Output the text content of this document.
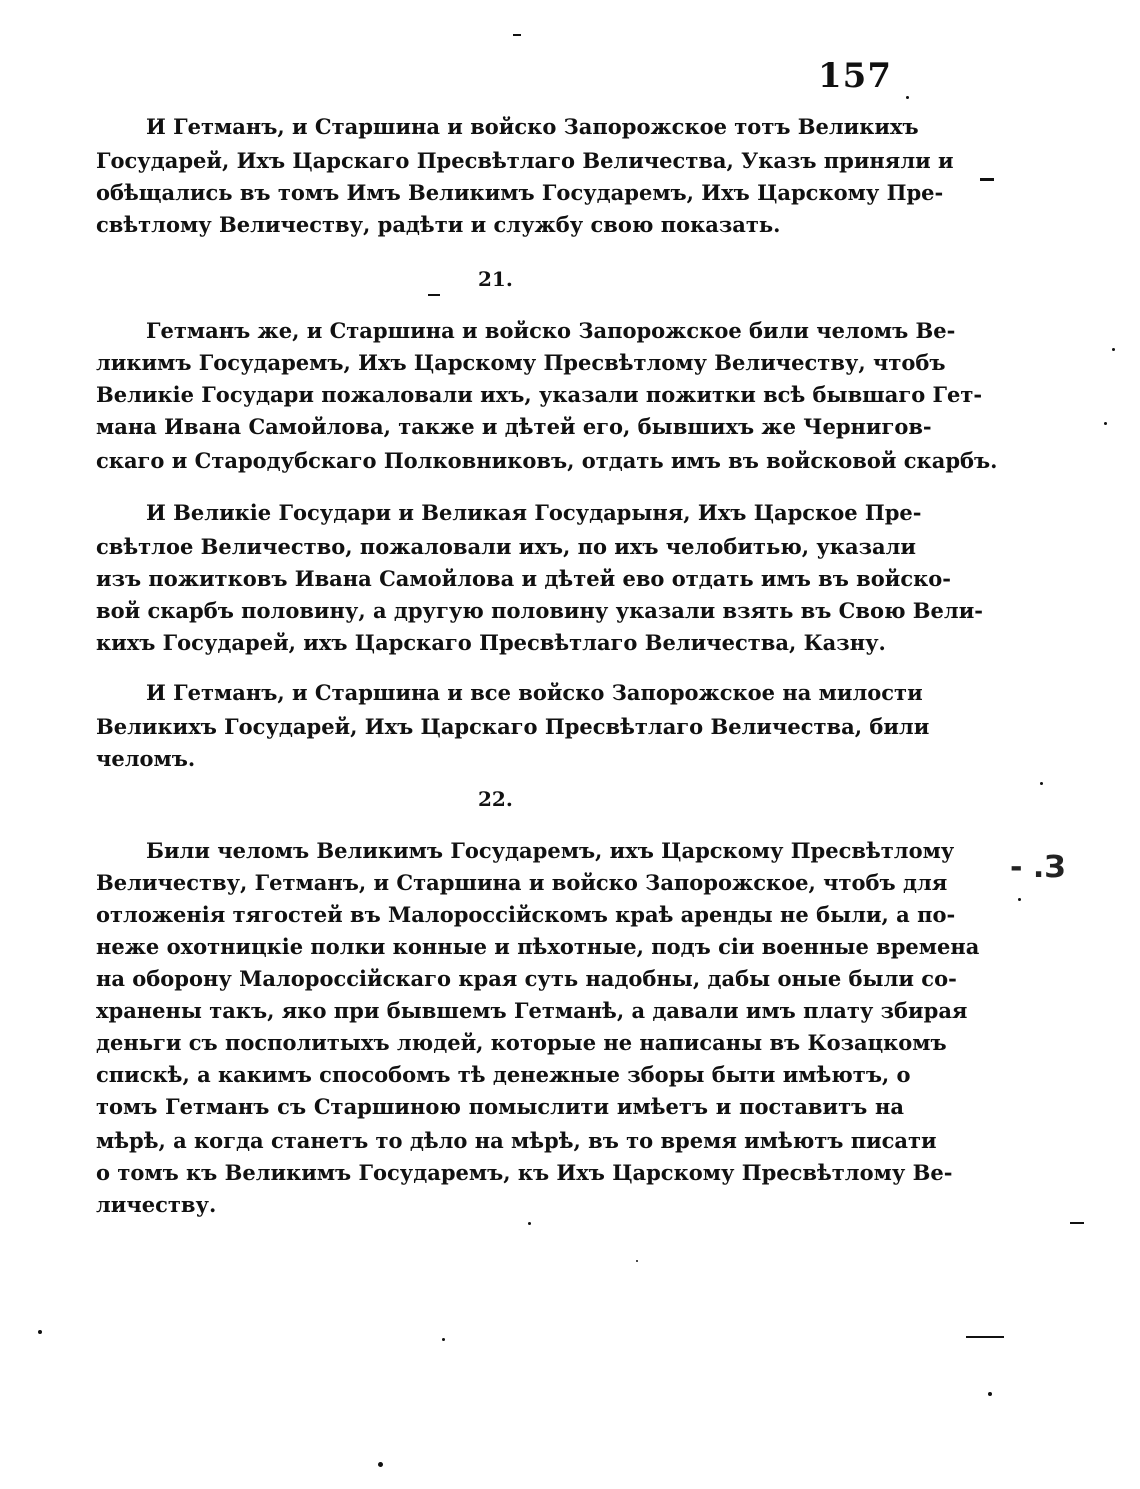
157
И Гетманъ, и Старшина и войско Запорожское тотъ Великихъ
Государей, Ихъ Царскаго Пресвѣтлаго Величества, Указъ приняли и
обѣщались въ томъ Имъ Великимъ Государемъ, Ихъ Царскому Пре-
свѣтлому Величеству, радѣти и службу свою показать.
21.
Гетманъ же, и Старшина и войско Запорожское били челомъ Ве-
ликимъ Государемъ, Ихъ Царскому Пресвѣтлому Величеству, чтобъ
Великіе Государи пожаловали ихъ, указали пожитки всѣ бывшаго Гет-
мана Ивана Самойлова, также и дѣтей его, бывшихъ же Чернигов-
скаго и Стародубскаго Полковниковъ, отдать имъ въ войсковой скарбъ.
И Великіе Государи и Великая Государыня, Ихъ Царское Пре-
свѣтлое Величество, пожаловали ихъ, по ихъ челобитью, указали
изъ пожитковъ Ивана Самойлова и дѣтей ево отдать имъ въ войско-
вой скарбъ половину, а другую половину указали взять въ Свою Вели-
кихъ Государей, ихъ Царскаго Пресвѣтлаго Величества, Казну.
И Гетманъ, и Старшина и все войско Запорожское на милости
Великихъ Государей, Ихъ Царскаго Пресвѣтлаго Величества, били
челомъ.
22.
Били челомъ Великимъ Государемъ, ихъ Царскому Пресвѣтлому
Величеству, Гетманъ, и Старшина и войско Запорожское, чтобъ для
отложенія тягостей въ Малороссійскомъ краѣ аренды не были, а по-
неже охотницкіе полки конные и пѣхотные, подъ сіи военные времена
на оборону Малороссійскаго края суть надобны, дабы оные были со-
хранены такъ, яко при бывшемъ Гетманѣ, а давали имъ плату збирая
деньги съ посполитыхъ людей, которые не написаны въ Козацкомъ
спискѣ, а какимъ способомъ тѣ денежные зборы быти имѣютъ, о
томъ Гетманъ съ Старшиною помыслити имѣетъ и поставитъ на
мѣрѣ, а когда станетъ то дѣло на мѣрѣ, въ то время имѣютъ писати
о томъ къ Великимъ Государемъ, къ Ихъ Царскому Пресвѣтлому Ве-
личеству.
- .З
